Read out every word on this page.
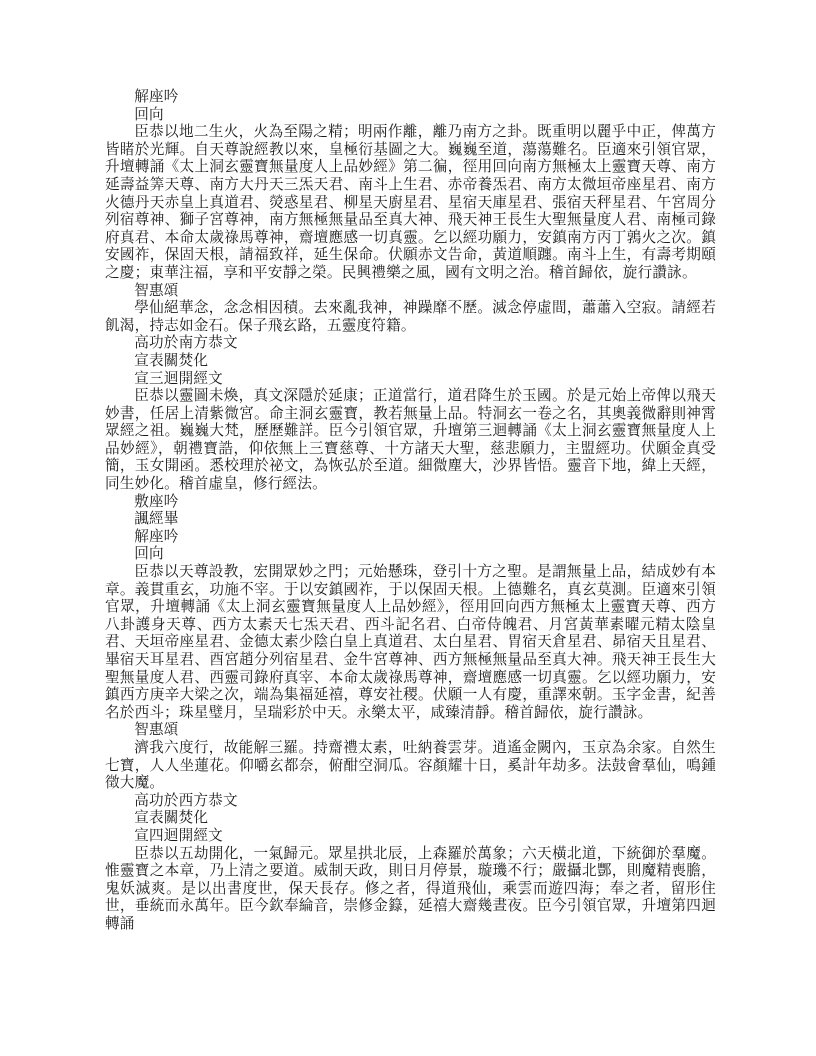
解座吟

回向

臣恭以地二生火，火為至陽之精；明兩作離，離乃南方之卦。既重明以麗乎中正，俾萬方皆睹於光輝。自天尊說經教以來，皇極衍基圖之大。巍巍至道，蕩蕩難名。臣適來引領官眾，升壇轉誦《太上洞玄靈寶無量度人上品妙經》第二徧，徑用回向南方無極太上靈寶天尊、南方延壽益筭天尊、南方大丹天三炁天君、南斗上生君、赤帝養炁君、南方太微垣帝座星君、南方火德丹天赤皇上真道君、熒惑星君、柳星天廚星君、星宿天庫星君、張宿天秤星君、午宮周分列宿尊神、獅子宮尊神，南方無極無量品至真大神、飛天神王長生大聖無量度人君、南極司錄府真君、本命太歲祿馬尊神，齋壇應感一切真靈。乞以經功願力，安鎮南方丙丁鶉火之次。鎮安國祚，保固天根，請福致祥，延生保命。伏願赤文告命，黃道順躔。南斗上生，有壽考期頤之慶；東華注福，享和平安靜之榮。民興禮樂之風，國有文明之治。稽首歸依，旋行讚詠。

智惠頌

學仙絕華念，念念相因積。去來亂我神，神躁靡不歷。滅念停虛間，蕭蕭入空寂。請經若飢渴，持志如金石。保子飛玄路，五靈度符籍。

高功於南方恭文

宣表關焚化

宣三迴開經文

臣恭以靈圖未煥，真文深隱於延康；正道當行，道君降生於玉國。於是元始上帝俾以飛天妙書，任居上清紫微宮。命主洞玄靈寶，教若無量上品。特洞玄一卷之名，其奧義微辭則神霄眾經之祖。巍巍大梵，歷歷難詳。臣今引領官眾，升壇第三迴轉誦《太上洞玄靈寶無量度人上品妙經》，朝禮寶誥，仰依無上三寶慈尊、十方諸天大聖，慈悲願力，主盟經功。伏願金真受簡，玉女開函。悉校理於祕文，為恢弘於至道。細微塵大，沙界皆悟。靈音下地，緯上天經，同生妙化。稽首虛皇，修行經法。

敷座吟

諷經畢

解座吟

回向

臣恭以天尊設教，宏開眾妙之門；元始懸珠，登引十方之聖。是謂無量上品，結成妙有本章。義貫重玄，功施不宰。于以安鎮國祚，于以保固天根。上德難名，真玄莫測。臣適來引領官眾，升壇轉誦《太上洞玄靈寶無量度人上品妙經》，徑用回向西方無極太上靈寶天尊、西方八卦護身天尊、西方太素天七炁天君、西斗記名君、白帝侍魄君、月宮黃華素曜元精太陰皇君、天垣帝座星君、金德太素少陰白皇上真道君、太白星君、胃宿天倉星君、昴宿天且星君、畢宿天耳星君、酉宮趙分列宿星君、金牛宮尊神、西方無極無量品至真大神。飛天神王長生大聖無量度人君、西靈司錄府真宰、本命太歲祿馬尊神，齋壇應感一切真靈。乞以經功願力，安鎮西方庚辛大梁之次，端為集福延禧，尊安社稷。伏願一人有慶，重譯來朝。玉字金書，紀善名於西斗；珠星璧月，呈瑞彩於中天。永樂太平，咸臻清靜。稽首歸依，旋行讚詠。

智惠頌

濟我六度行，故能解三羅。持齋禮太素，吐納養雲芽。逍遙金闕內，玉京為余家。自然生七寶，人人坐蓮花。仰嚼玄都奈，俯酣空洞瓜。容顏耀十日，奚計年劫多。法鼓會羣仙，鳴鍾徵大魔。

高功於西方恭文

宣表關焚化

宣四迴開經文

臣恭以五劫開化，一氣歸元。眾星拱北辰，上森羅於萬象；六天橫北道，下統御於羣魔。惟靈寶之本章，乃上清之要道。威制天政，則日月停景，璇璣不行；嚴攝北酆，則魔精喪膽，鬼妖滅爽。是以出書度世，保天長存。修之者，得道飛仙，乘雲而遊四海；奉之者，留形住世，垂統而永萬年。臣今欽奉綸音，崇修金籙，延禧大齋幾晝夜。臣今引領官眾，升壇第四迴轉誦
